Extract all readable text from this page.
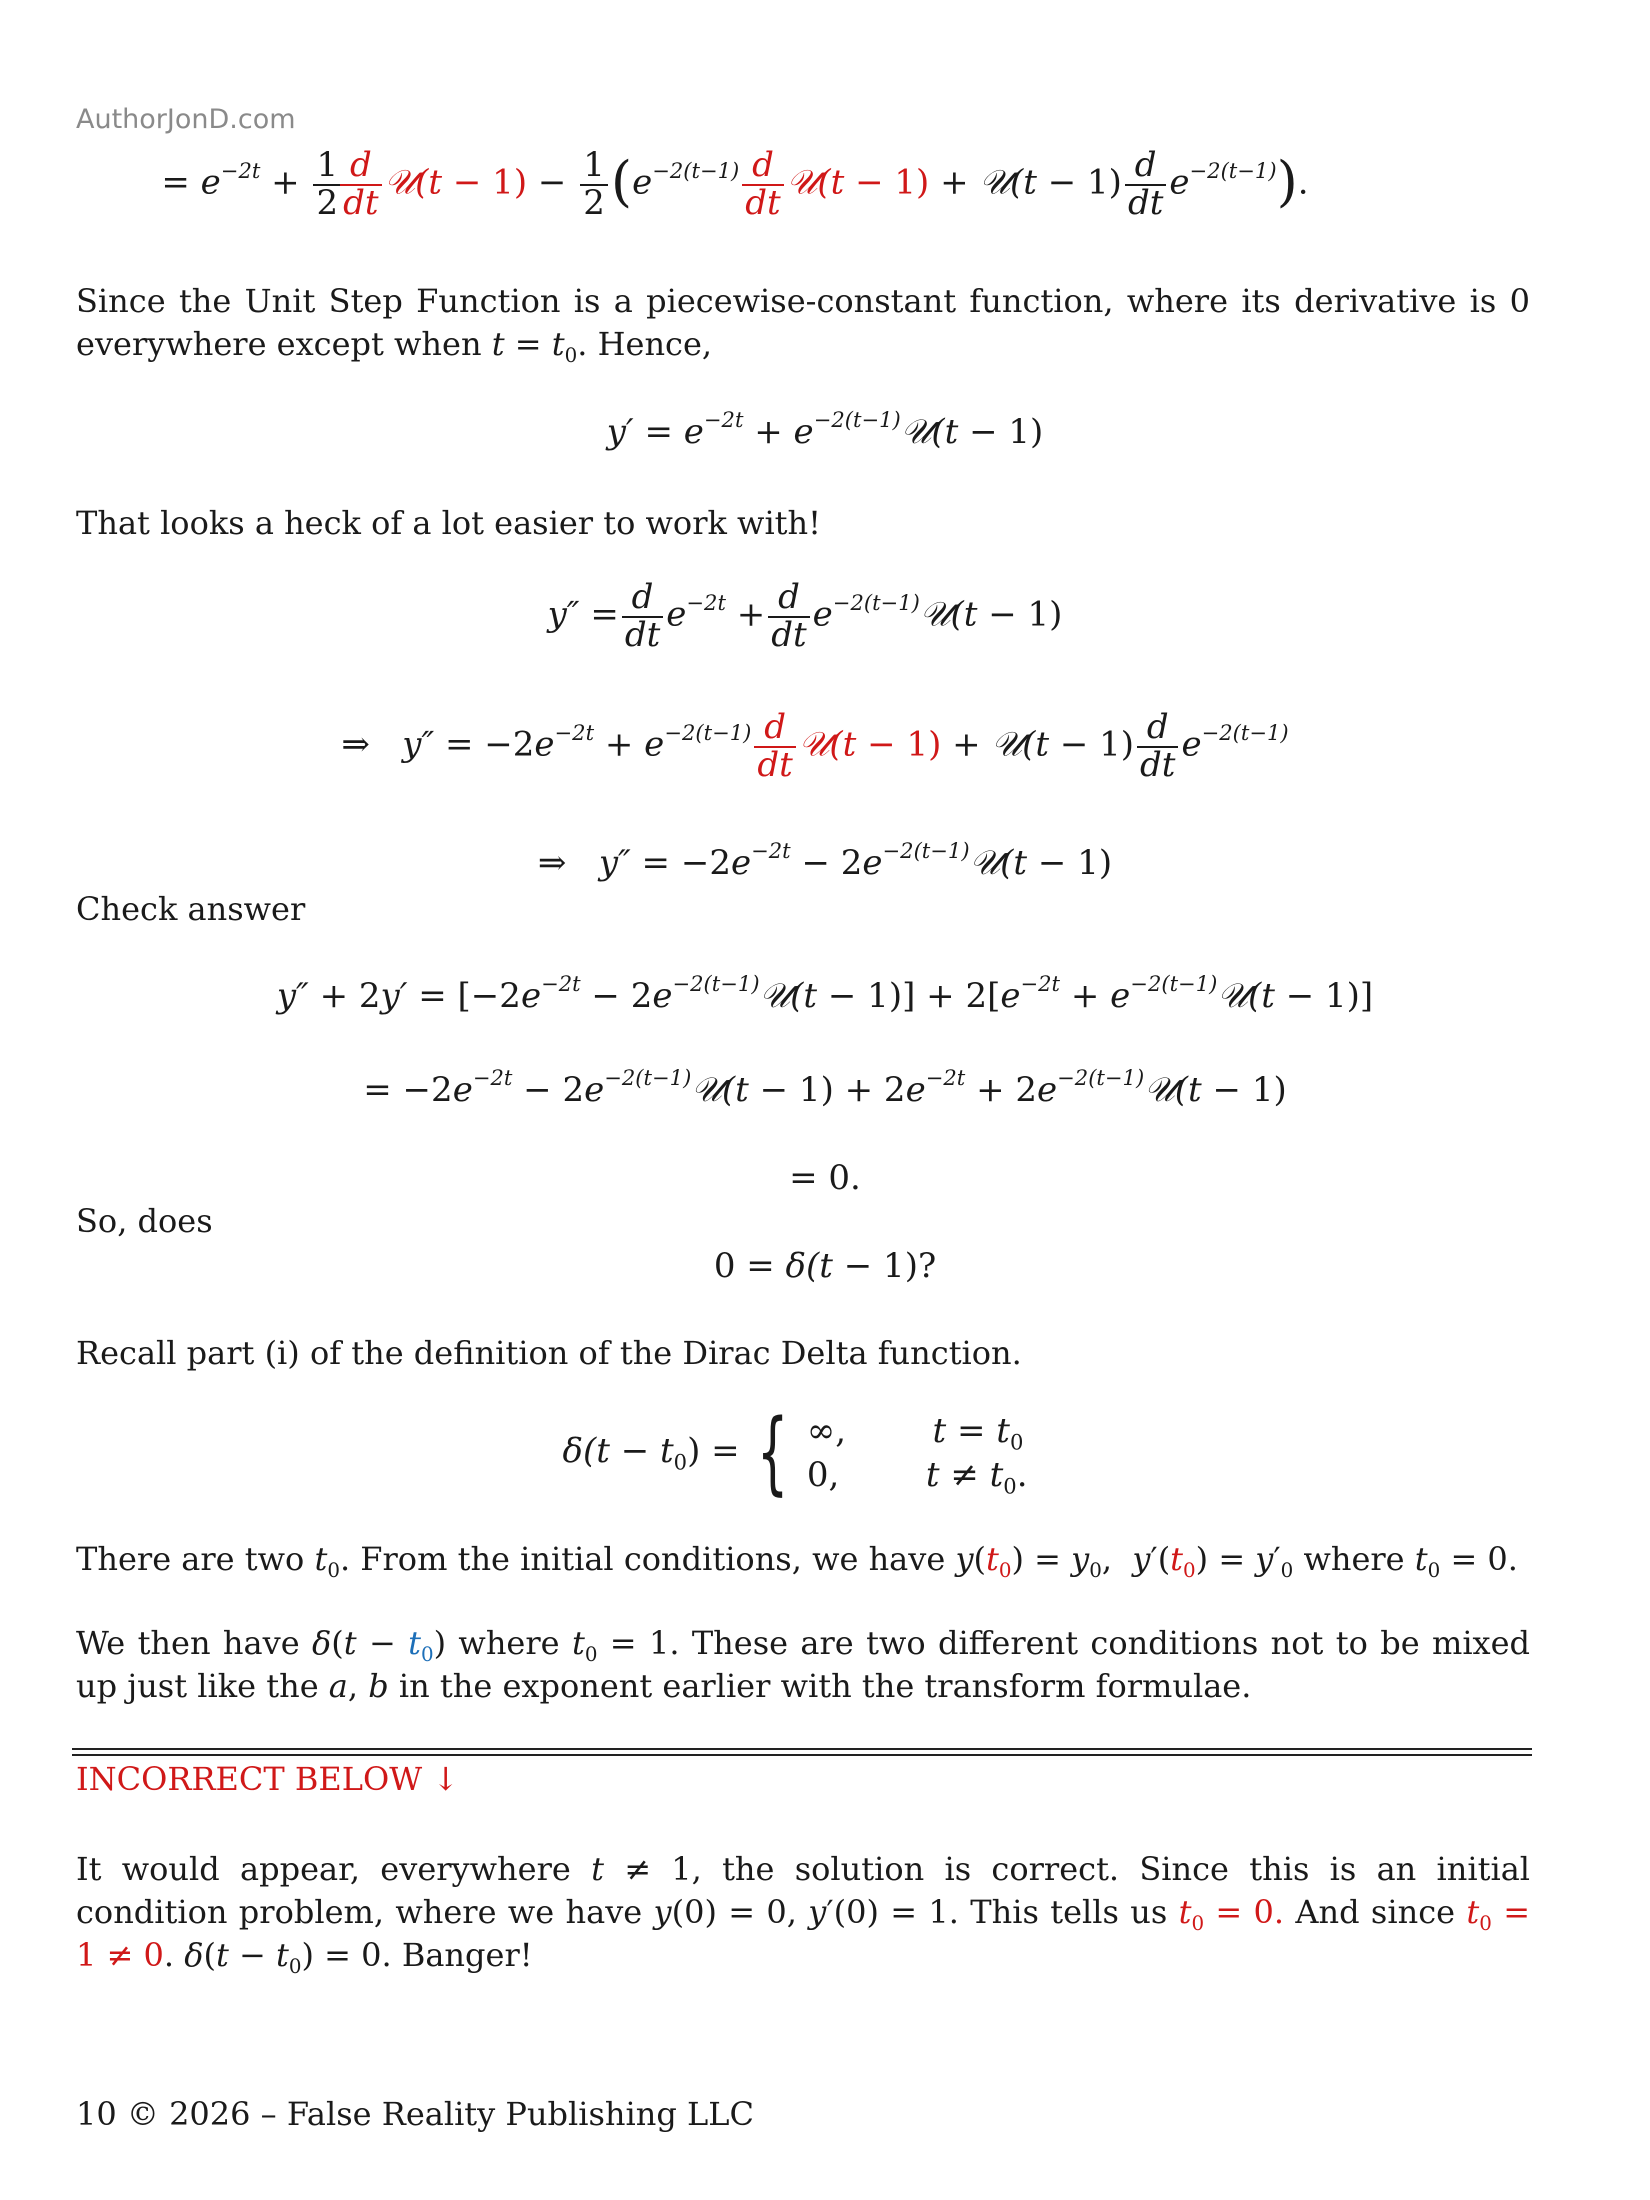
AuthorJonD.com
= $e^{-2t} + \frac{1}{2} \frac{d}{dt}$ 𝒰(t − $1) - \frac{1}{2} (e^{-2(t-1)} \frac{d}{dt}$ 𝒰(t − 1) + 𝒰(t − $1) \frac{d}{dt} e^{-2(t-1)}$).
Since the Unit Step Function is a piecewise-constant function, where its derivative is 0 everywhere except when $t = t_0$. Hence,
$y' = e^{-2t}$ + $e^{-2(t-1)}𝒰(t - 1)$
That looks a heck of a lot easier to work with!
$y'' = \frac{d}{dt} e^{-2t} + \frac{d}{dt}$ $e^{-2(t-1)}𝒰(t - 1)$
⇒   $y'' = -2e^{-2t} + e^{-2(t-1)} \frac{d}{dt}$ 𝒰(t − 1) + 𝒰(t − $1) \frac{d}{dt} e^{-2(t-1)}$
⇒   $y'' = -2e^{-2t}$ − $2e^{-2(t-1)}𝒰(t - 1)$
Check answer
$y'' + 2y' = [-2e^{-2t}$ − $2e^{-2(t-1)}𝒰(t - 1)] + 2[e^{-2t}$ + $e^{-2(t-1)}𝒰(t - 1)$]
= $-2e^{-2t}$ − $2e^{-2(t-1)}𝒰(t - 1) + 2e^{-2t}$ + $2e^{-2(t-1)}𝒰(t - 1)$
= 0.
So, does
0 = δ(t − 1)?
Recall part (i) of the definition of the Dirac Delta function.
$\delta(t - t_0)$ = { ∞,        $t = t_0$
0,        $t \ne t_0$.
There are two $t_0$. From the initial conditions, we have $y(t_0) = y_0$,  $y'(t_0) = y'_0$ where $t_0 = 0$.
We then have $\delta(t - t_0)$ where $t_0 = 1$. These are two different conditions not to be mixed up just like the a, b in the exponent earlier with the transform formulae.
INCORRECT BELOW ↓
It would appear, everywhere t ≠ 1, the solution is correct. Since this is an initial condition problem, where we have y(0) = 0, y′(0) = 1. This tells us $t_0 = 0$. And since $t_0 = 1 \ne 0$. $\delta(t - t_0) = 0$. Banger!
10 © 2026 – False Reality Publishing LLC
